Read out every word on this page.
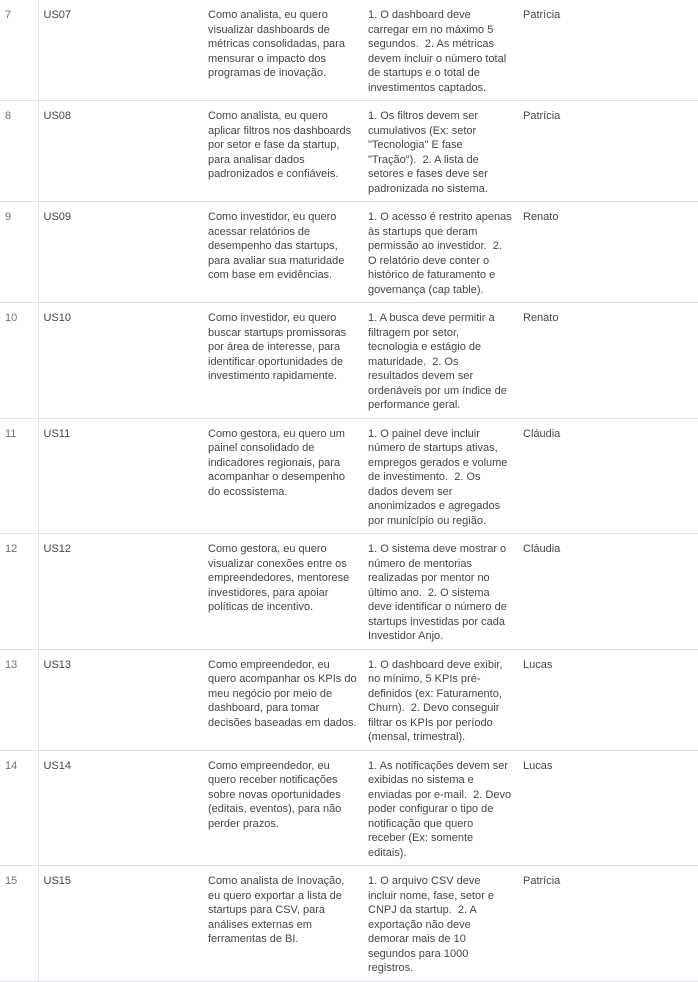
7	US07	Como analista, eu quero visualizar dashboards de métricas consolidadas, para mensurar o impacto dos programas de inovação.	1. O dashboard deve carregar em no máximo 5 segundos.  2. As métricas devem incluir o número total de startups e o total de investimentos captados.	Patrícia
8	US08	Como analista, eu quero aplicar filtros nos dashboards por setor e fase da startup, para analisar dados padronizados e confiáveis.	1. Os filtros devem ser cumulativos (Ex: setor "Tecnologia" E fase "Tração").  2. A lista de setores e fases deve ser padronizada no sistema.	Patrícia
9	US09	Como investidor, eu quero acessar relatórios de desempenho das startups, para avaliar sua maturidade com base em evidências.	1. O acesso é restrito apenas às startups que deram permissão ao investidor.  2. O relatório deve conter o histórico de faturamento e governança (cap table).	Renato
10	US10	Como investidor, eu quero buscar startups promissoras por área de interesse, para identificar oportunidades de investimento rapidamente.	1. A busca deve permitir a filtragem por setor, tecnologia e estágio de maturidade.  2. Os resultados devem ser ordenáveis por um índice de performance geral.	Renato
11	US11	Como gestora, eu quero um painel consolidado de indicadores regionais, para acompanhar o desempenho do ecossistema.	1. O painel deve incluir número de startups ativas, empregos gerados e volume de investimento.  2. Os dados devem ser anonimizados e agregados por município ou região.	Cláudia
12	US12	Como gestora, eu quero visualizar conexões entre os empreendedores, mentorese investidores, para apoiar políticas de incentivo.	1. O sistema deve mostrar o número de mentorias realizadas por mentor no último ano.  2. O sistema deve identificar o número de startups investidas por cada Investidor Anjo.	Cláudia
13	US13	Como empreendedor, eu quero acompanhar os KPIs do meu negócio por meio de dashboard, para tomar decisões baseadas em dados.	1. O dashboard deve exibir, no mínimo, 5 KPIs pré-definidos (ex: Faturamento, Churn).  2. Devo conseguir filtrar os KPIs por período (mensal, trimestral).	Lucas
14	US14	Como empreendedor, eu quero receber notificações sobre novas oportunidades (editais, eventos), para não perder prazos.	1. As notificações devem ser exibidas no sistema e enviadas por e-mail.  2. Devo poder configurar o tipo de notificação que quero receber (Ex: somente editais).	Lucas
15	US15	Como analista de Inovação, eu quero exportar a lista de startups para CSV, para análises externas em ferramentas de BI.	1. O arquivo CSV deve incluir nome, fase, setor e CNPJ da startup.  2. A exportação não deve demorar mais de 10 segundos para 1000 registros.	Patrícia
